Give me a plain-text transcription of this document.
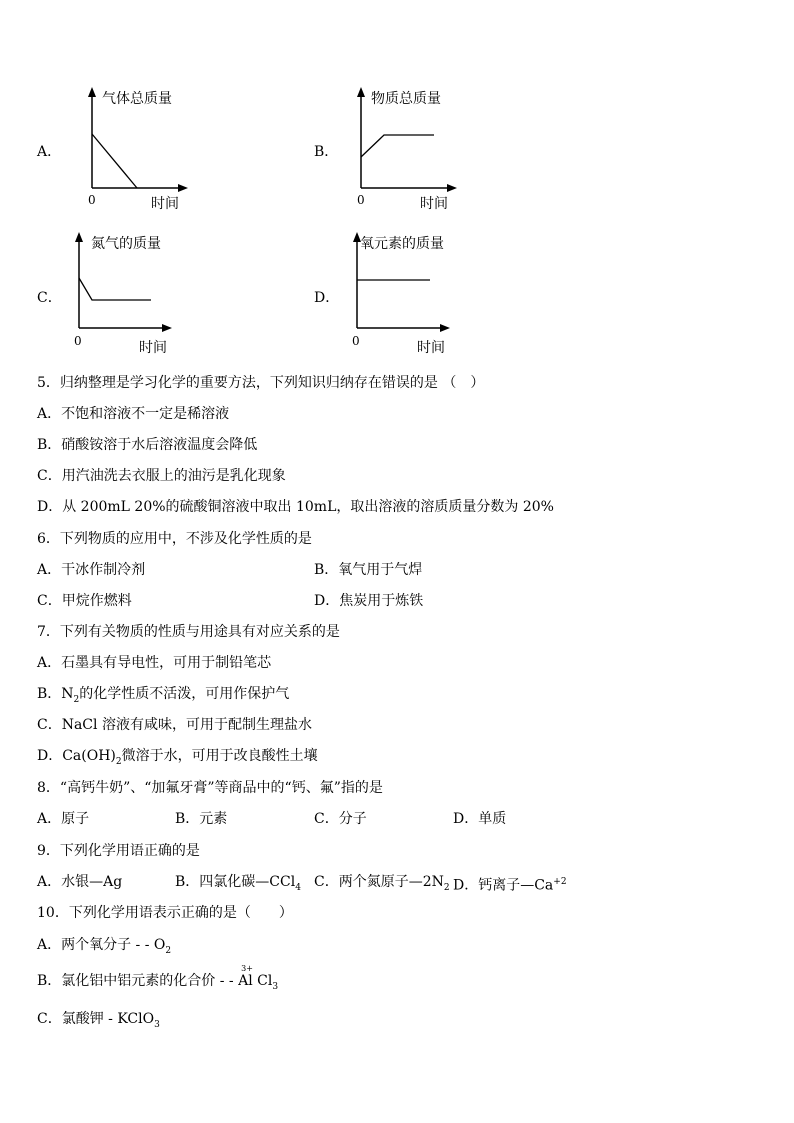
A．
气体总质量
0	时间
B．
物质总质量
0	时间
C．
氮气的质量
0	时间
D．
氧元素的质量
0	时间
5．归纳整理是学习化学的重要方法，下列知识归纳存在错误的是 （　）
A．不饱和溶液不一定是稀溶液
B．硝酸铵溶于水后溶液温度会降低
C．用汽油洗去衣服上的油污是乳化现象
D．从 200mL 20%的硫酸铜溶液中取出 10mL，取出溶液的溶质质量分数为 20%
6．下列物质的应用中，不涉及化学性质的是
A．干冰作制冷剂	B．氧气用于气焊
C．甲烷作燃料	D．焦炭用于炼铁
7．下列有关物质的性质与用途具有对应关系的是
A．石墨具有导电性，可用于制铅笔芯
B．$N_2$的化学性质不活泼，可用作保护气
C．NaCl 溶液有咸味，可用于配制生理盐水
D．$Ca(OH)_2$微溶于水，可用于改良酸性土壤
8．“高钙牛奶”、“加氟牙膏”等商品中的“钙、氟”指的是
A．原子	B．元素	C．分子	D．单质
9．下列化学用语正确的是
A．水银—Ag	B．四氯化碳—CCl$_4$ C．两个氮原子$—2N_2$ D．钙离子$—Ca^{+2}$
10．下列化学用语表示正确的是（　　）
A．两个氧分子 - - $O_2$
B．氯化铝中铝元素的化合价 - -
3+
Al $Cl_3$
C．氯酸钾 - KClO$_3$
